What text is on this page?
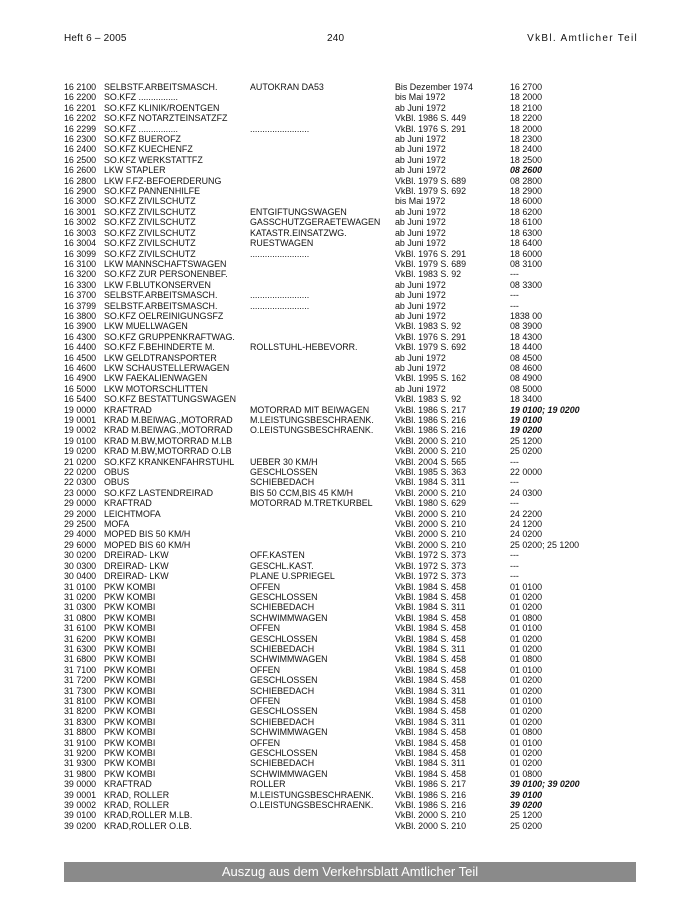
Heft 6 – 2005	240	VkBl. Amtlicher Teil
16 2100	SELBSTF.ARBEITSMASCH.	AUTOKRAN DA53	Bis Dezember 1974	16 2700
16 2200	SO.KFZ ................		bis Mai 1972	18 2000
16 2201	SO.KFZ KLINIK/ROENTGEN		ab Juni 1972	18 2100
16 2202	SO.KFZ NOTARZTEINSATZFZ		VkBl. 1986 S. 449	18 2200
16 2299	SO.KFZ ................	........................	VkBl. 1976 S. 291	18 2000
16 2300	SO.KFZ BUEROFZ		ab Juni 1972	18 2300
16 2400	SO.KFZ KUECHENFZ		ab Juni 1972	18 2400
16 2500	SO.KFZ WERKSTATTFZ		ab Juni 1972	18 2500
16 2600	LKW STAPLER		ab Juni 1972	08 2600
16 2800	LKW F.FZ-BEFOERDERUNG		VkBl. 1979 S. 689	08 2800
16 2900	SO.KFZ PANNENHILFE		VkBl. 1979 S. 692	18 2900
16 3000	SO.KFZ ZIVILSCHUTZ		bis Mai 1972	18 6000
16 3001	SO.KFZ ZIVILSCHUTZ	ENTGIFTUNGSWAGEN	ab Juni 1972	18 6200
16 3002	SO.KFZ ZIVILSCHUTZ	GASSCHUTZGERAETEWAGEN	ab Juni 1972	18 6100
16 3003	SO.KFZ ZIVILSCHUTZ	KATASTR.EINSATZWG.	ab Juni 1972	18 6300
16 3004	SO.KFZ ZIVILSCHUTZ	RUESTWAGEN	ab Juni 1972	18 6400
16 3099	SO.KFZ ZIVILSCHUTZ	........................	VkBl. 1976 S. 291	18 6000
16 3100	LKW MANNSCHAFTSWAGEN		VkBl. 1979 S. 689	08 3100
16 3200	SO.KFZ ZUR PERSONENBEF.		VkBl. 1983 S. 92	---
16 3300	LKW F.BLUTKONSERVEN		ab Juni 1972	08 3300
16 3700	SELBSTF.ARBEITSMASCH.	........................	ab Juni 1972	---
16 3799	SELBSTF.ARBEITSMASCH.	........................	ab Juni 1972	---
16 3800	SO.KFZ OELREINIGUNGSFZ		ab Juni 1972	1838 00
16 3900	LKW MUELLWAGEN		VkBl. 1983 S. 92	08 3900
16 4300	SO.KFZ GRUPPENKRAFTWAG.		VkBl. 1976 S. 291	18 4300
16 4400	SO.KFZ F.BEHINDERTE M.	ROLLSTUHL-HEBEVORR.	VkBl. 1979 S. 692	18 4400
16 4500	LKW GELDTRANSPORTER		ab Juni 1972	08 4500
16 4600	LKW SCHAUSTELLERWAGEN		ab Juni 1972	08 4600
16 4900	LKW FAEKALIENWAGEN		VkBl. 1995 S. 162	08 4900
16 5000	LKW MOTORSCHLITTEN		ab Juni 1972	08 5000
16 5400	SO.KFZ BESTATTUNGSWAGEN		VkBl. 1983 S. 92	18 3400
19 0000	KRAFTRAD	MOTORRAD MIT BEIWAGEN	VkBl. 1986 S. 217	19 0100; 19 0200
19 0001	KRAD M.BEIWAG.,MOTORRAD	M.LEISTUNGSBESCHRAENK.	VkBl. 1986 S. 216	19 0100
19 0002	KRAD M.BEIWAG.,MOTORRAD	O.LEISTUNGSBESCHRAENK.	VkBl. 1986 S. 216	19 0200
19 0100	KRAD M.BW,MOTORRAD M.LB		VkBl. 2000 S. 210	25 1200
19 0200	KRAD M.BW,MOTORRAD O.LB		VkBl. 2000 S. 210	25 0200
21 0200	SO.KFZ KRANKENFAHRSTUHL	UEBER 30 KM/H	VkBl. 2004 S. 565	---
22 0200	OBUS	GESCHLOSSEN	VkBl. 1985 S. 363	22 0000
22 0300	OBUS	SCHIEBEDACH	VkBl. 1984 S. 311	---
23 0000	SO.KFZ LASTENDREIRAD	BIS 50 CCM,BIS 45 KM/H	VkBl. 2000 S. 210	24 0300
29 0000	KRAFTRAD	MOTORRAD M.TRETKURBEL	VkBl. 1980 S. 629	---
29 2000	LEICHTMOFA		VkBl. 2000 S. 210	24 2200
29 2500	MOFA		VkBl. 2000 S. 210	24 1200
29 4000	MOPED BIS 50 KM/H		VkBl. 2000 S. 210	24 0200
29 6000	MOPED BIS 60 KM/H		VkBl. 2000 S. 210	25 0200; 25 1200
30 0200	DREIRAD- LKW	OFF.KASTEN	VkBl. 1972 S. 373	---
30 0300	DREIRAD- LKW	GESCHL.KAST.	VkBl. 1972 S. 373	---
30 0400	DREIRAD- LKW	PLANE U.SPRIEGEL	VkBl. 1972 S. 373	---
31 0100	PKW KOMBI	OFFEN	VkBl. 1984 S. 458	01 0100
31 0200	PKW KOMBI	GESCHLOSSEN	VkBl. 1984 S. 458	01 0200
31 0300	PKW KOMBI	SCHIEBEDACH	VkBl. 1984 S. 311	01 0200
31 0800	PKW KOMBI	SCHWIMMWAGEN	VkBl. 1984 S. 458	01 0800
31 6100	PKW KOMBI	OFFEN	VkBl. 1984 S. 458	01 0100
31 6200	PKW KOMBI	GESCHLOSSEN	VkBl. 1984 S. 458	01 0200
31 6300	PKW KOMBI	SCHIEBEDACH	VkBl. 1984 S. 311	01 0200
31 6800	PKW KOMBI	SCHWIMMWAGEN	VkBl. 1984 S. 458	01 0800
31 7100	PKW KOMBI	OFFEN	VkBl. 1984 S. 458	01 0100
31 7200	PKW KOMBI	GESCHLOSSEN	VkBl. 1984 S. 458	01 0200
31 7300	PKW KOMBI	SCHIEBEDACH	VkBl. 1984 S. 311	01 0200
31 8100	PKW KOMBI	OFFEN	VkBl. 1984 S. 458	01 0100
31 8200	PKW KOMBI	GESCHLOSSEN	VkBl. 1984 S. 458	01 0200
31 8300	PKW KOMBI	SCHIEBEDACH	VkBl. 1984 S. 311	01 0200
31 8800	PKW KOMBI	SCHWIMMWAGEN	VkBl. 1984 S. 458	01 0800
31 9100	PKW KOMBI	OFFEN	VkBl. 1984 S. 458	01 0100
31 9200	PKW KOMBI	GESCHLOSSEN	VkBl. 1984 S. 458	01 0200
31 9300	PKW KOMBI	SCHIEBEDACH	VkBl. 1984 S. 311	01 0200
31 9800	PKW KOMBI	SCHWIMMWAGEN	VkBl. 1984 S. 458	01 0800
39 0000	KRAFTRAD	ROLLER	VkBl. 1986 S. 217	39 0100; 39 0200
39 0001	KRAD, ROLLER	M.LEISTUNGSBESCHRAENK.	VkBl. 1986 S. 216	39 0100
39 0002	KRAD, ROLLER	O.LEISTUNGSBESCHRAENK.	VkBl. 1986 S. 216	39 0200
39 0100	KRAD,ROLLER M.LB.		VkBl. 2000 S. 210	25 1200
39 0200	KRAD,ROLLER O.LB.		VkBl. 2000 S. 210	25 0200
Auszug aus dem Verkehrsblatt Amtlicher Teil
